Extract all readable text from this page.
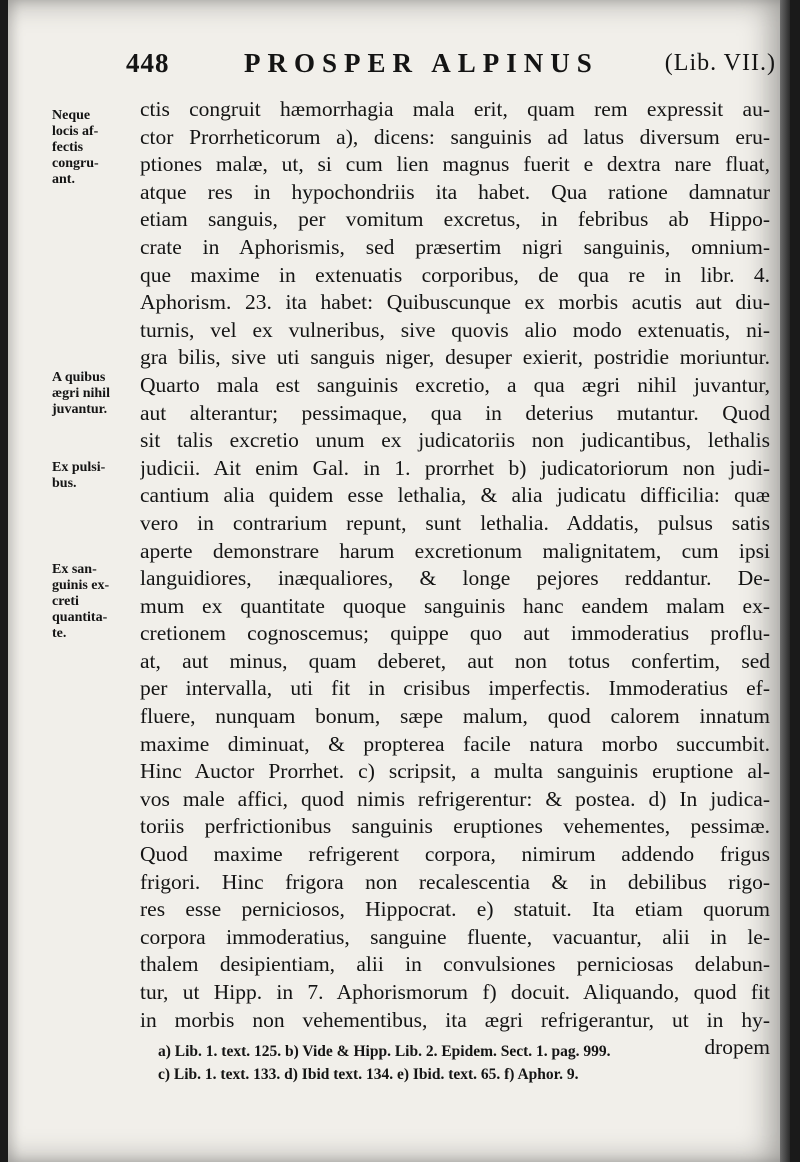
448	PROSPER ALPINUS	(Lib. VII.)
Neque
locis af-
fectis
congru-
ant.
A quibus
ægri nihil
juvantur.
Ex pulsi-
bus.
Ex san-
guinis ex-
creti
quantita-
te.
ctis congruit hæmorrhagia mala erit, quam rem expressit au-
ctor Prorrheticorum a), dicens: sanguinis ad latus diversum eru-
ptiones malæ, ut, si cum lien magnus fuerit e dextra nare fluat,
atque res in hypochondriis ita habet. Qua ratione damnatur
etiam sanguis, per vomitum excretus, in febribus ab Hippo-
crate in Aphorismis, sed præsertim nigri sanguinis, omnium-
que maxime in extenuatis corporibus, de qua re in libr. 4.
Aphorism. 23. ita habet: Quibuscunque ex morbis acutis aut diu-
turnis, vel ex vulneribus, sive quovis alio modo extenuatis, ni-
gra bilis, sive uti sanguis niger, desuper exierit, postridie moriuntur.
Quarto mala est sanguinis excretio, a qua ægri nihil juvantur,
aut alterantur; pessimaque, qua in deterius mutantur. Quod
sit talis excretio unum ex judicatoriis non judicantibus, lethalis
judicii. Ait enim Gal. in 1. prorrhet b) judicatoriorum non judi-
cantium alia quidem esse lethalia, & alia judicatu difficilia: quæ
vero in contrarium repunt, sunt lethalia. Addatis, pulsus satis
aperte demonstrare harum excretionum malignitatem, cum ipsi
languidiores, inæqualiores, & longe pejores reddantur. De-
mum ex quantitate quoque sanguinis hanc eandem malam ex-
cretionem cognoscemus; quippe quo aut immoderatius proflu-
at, aut minus, quam deberet, aut non totus confertim, sed
per intervalla, uti fit in crisibus imperfectis. Immoderatius ef-
fluere, nunquam bonum, sæpe malum, quod calorem innatum
maxime diminuat, & propterea facile natura morbo succumbit.
Hinc Auctor Prorrhet. c) scripsit, a multa sanguinis eruptione al-
vos male affici, quod nimis refrigerentur: & postea. d) In judica-
toriis perfrictionibus sanguinis eruptiones vehementes, pessimæ.
Quod maxime refrigerent corpora, nimirum addendo frigus
frigori. Hinc frigora non recalescentia & in debilibus rigo-
res esse perniciosos, Hippocrat. e) statuit. Ita etiam quorum
corpora immoderatius, sanguine fluente, vacuantur, alii in le-
thalem desipientiam, alii in convulsiones perniciosas delabun-
tur, ut Hipp. in 7. Aphorismorum f) docuit. Aliquando, quod fit
in morbis non vehementibus, ita ægri refrigerantur, ut in hy-
dropem
a) Lib. 1. text. 125. b) Vide & Hipp. Lib. 2. Epidem. Sect. 1. pag. 999.
c) Lib. 1. text. 133. d) Ibid text. 134. e) Ibid. text. 65. f) Aphor. 9.
